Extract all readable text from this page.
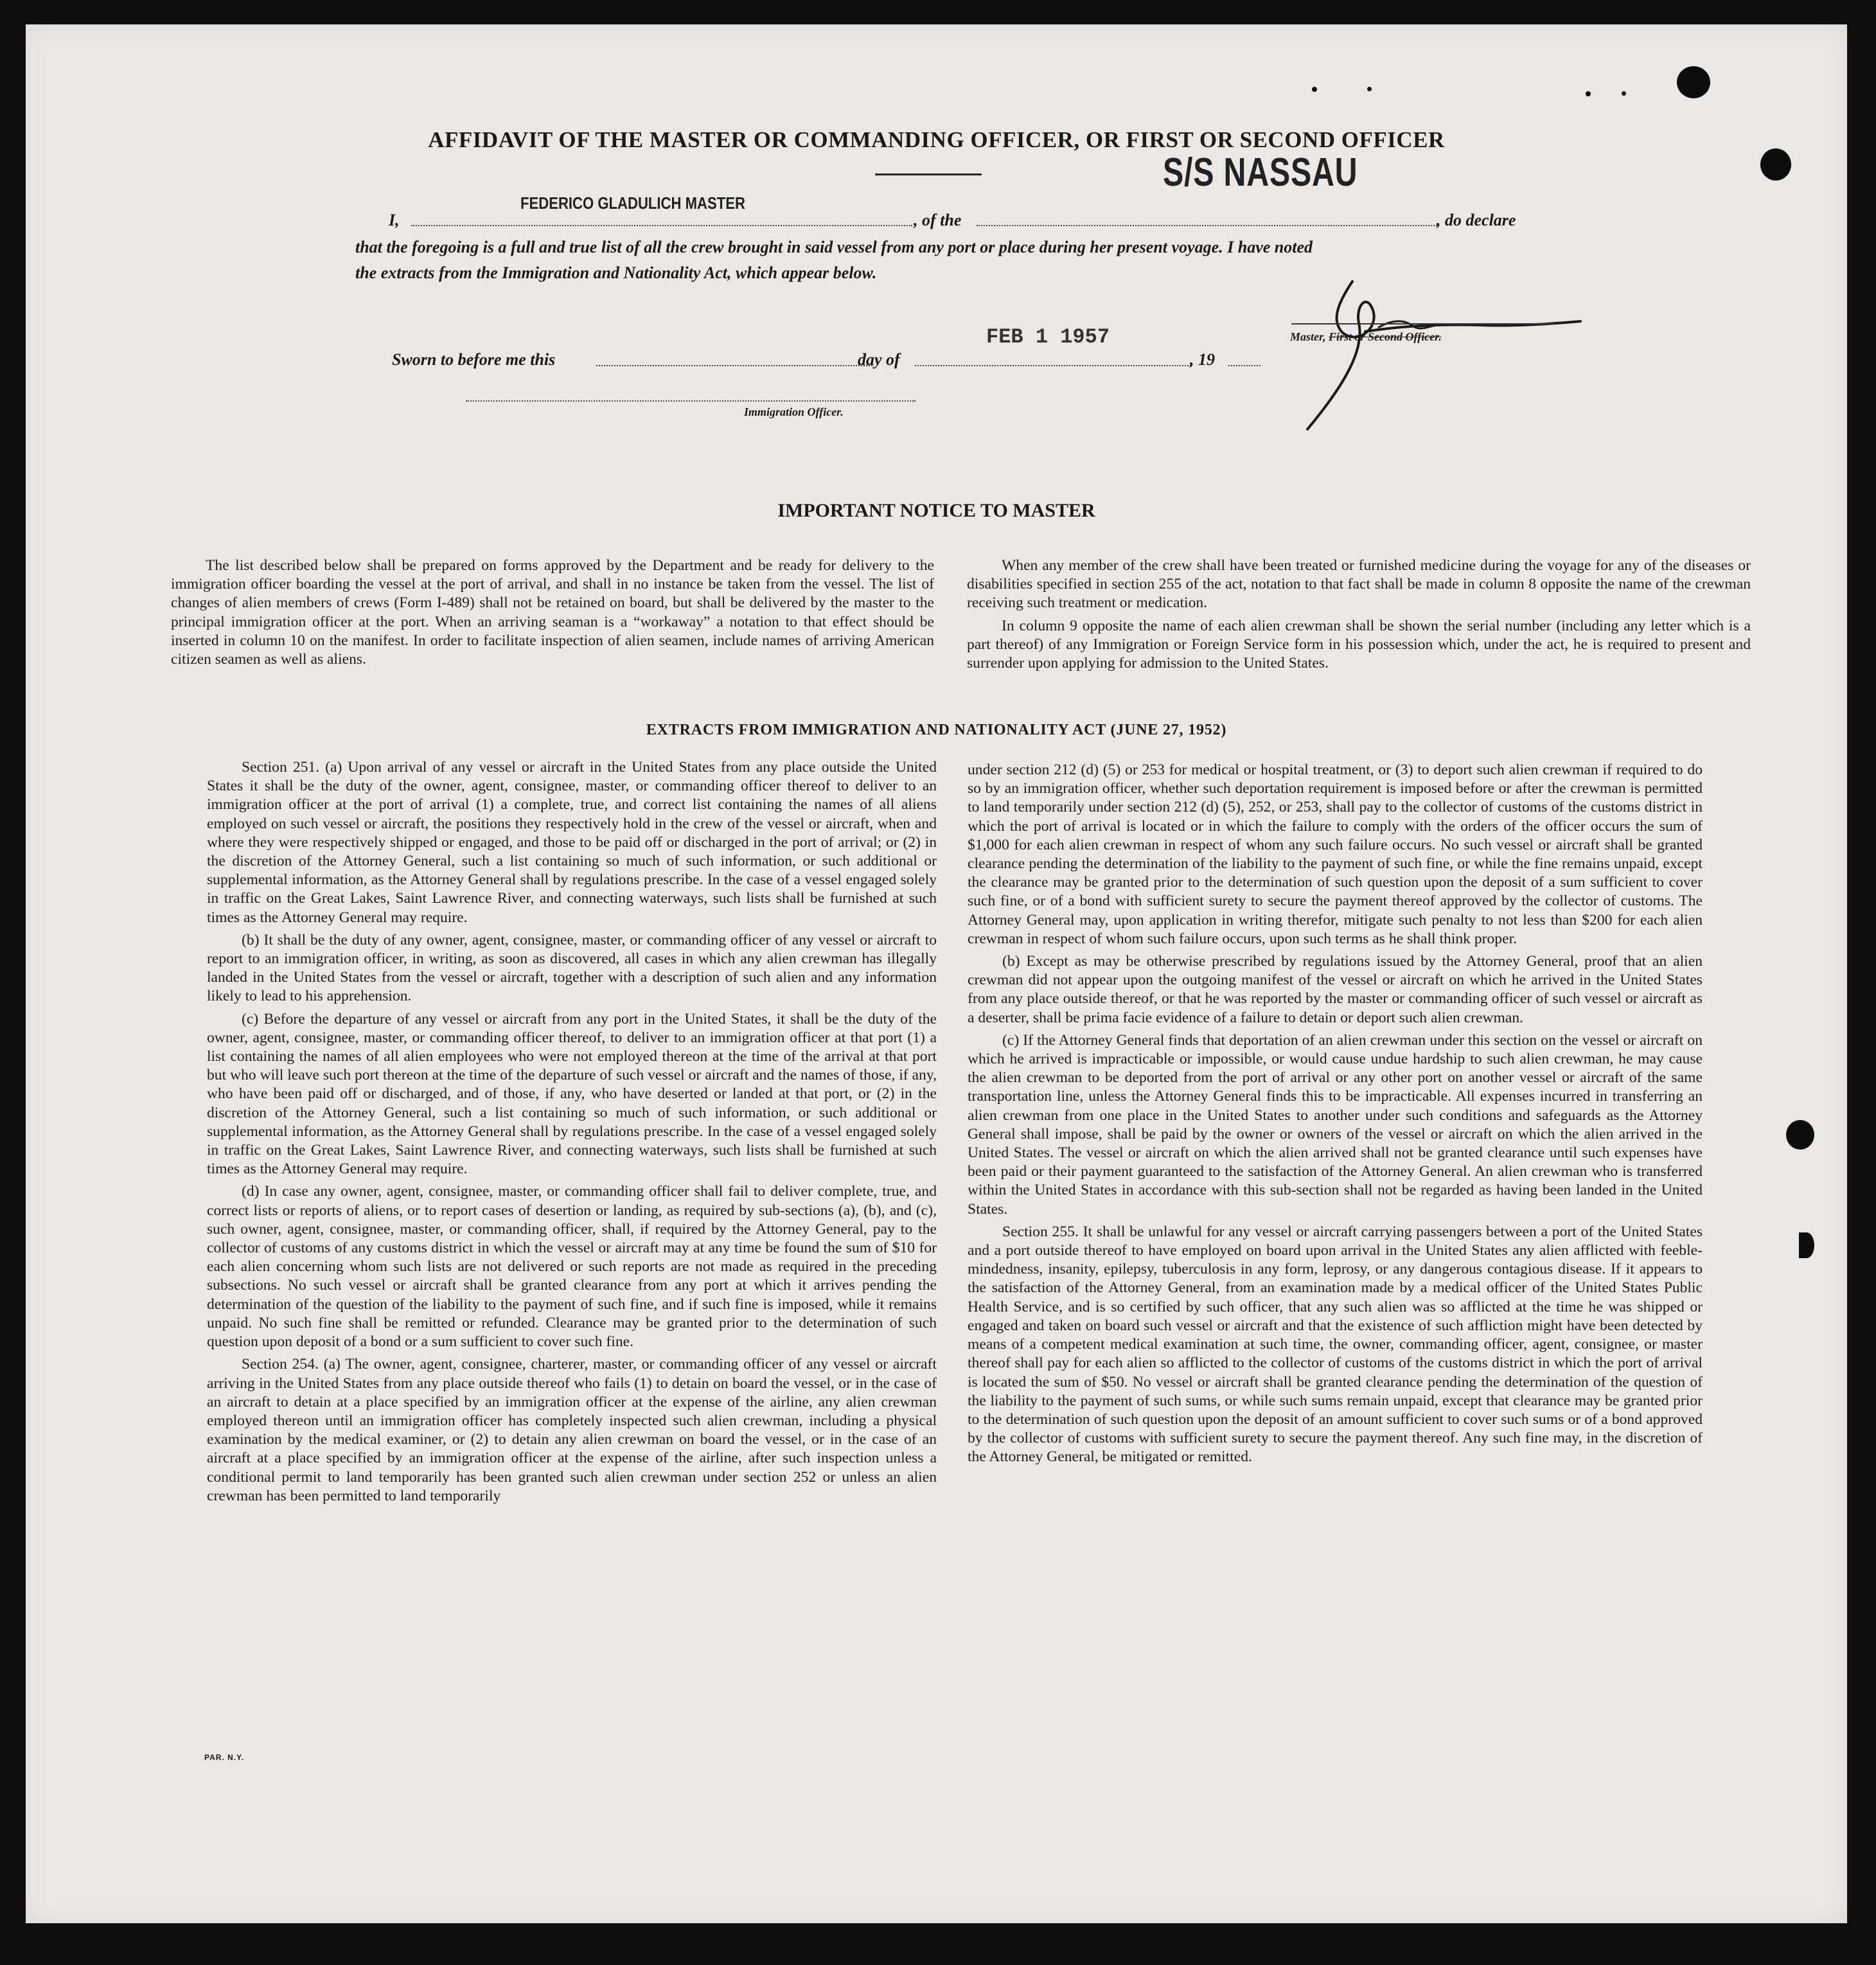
AFFIDAVIT OF THE MASTER OR COMMANDING OFFICER, OR FIRST OR SECOND OFFICER
S/S NASSAU
I,
FEDERICO GLADULICH MASTER
, of the	, do declare
that the foregoing is a full and true list of all the crew brought in said vessel from any port or place during her present voyage. I have noted
the extracts from the Immigration and Nationality Act, which appear below.
FEB 1 1957
Sworn to before me this	day of	, 19
Master, First or Second Officer.
Immigration Officer.
IMPORTANT NOTICE TO MASTER

The list described below shall be prepared on forms approved by the Department and be ready for delivery to the immigration officer boarding the vessel at the port of arrival, and shall in no instance be taken from the vessel. The list of changes of alien members of crews (Form I-489) shall not be retained on board, but shall be delivered by the master to the principal immigration officer at the port. When an arriving seaman is a “workaway” a notation to that effect should be inserted in column 10 on the manifest. In order to facilitate inspection of alien seamen, include names of arriving American citizen seamen as well as aliens.

When any member of the crew shall have been treated or furnished medicine during the voyage for any of the diseases or disabilities specified in section 255 of the act, notation to that fact shall be made in column 8 opposite the name of the crewman receiving such treatment or medication.

In column 9 opposite the name of each alien crewman shall be shown the serial number (including any letter which is a part thereof) of any Immigration or Foreign Service form in his possession which, under the act, he is required to present and surrender upon applying for admission to the United States.

EXTRACTS FROM IMMIGRATION AND NATIONALITY ACT (JUNE 27, 1952)

Section 251. (a) Upon arrival of any vessel or aircraft in the United States from any place outside the United States it shall be the duty of the owner, agent, consignee, master, or commanding officer thereof to deliver to an immigration officer at the port of arrival (1) a complete, true, and correct list containing the names of all aliens employed on such vessel or aircraft, the positions they respectively hold in the crew of the vessel or aircraft, when and where they were respectively shipped or engaged, and those to be paid off or discharged in the port of arrival; or (2) in the discretion of the Attorney General, such a list containing so much of such information, or such additional or supplemental information, as the Attorney General shall by regulations prescribe. In the case of a vessel engaged solely in traffic on the Great Lakes, Saint Lawrence River, and connecting waterways, such lists shall be furnished at such times as the Attorney General may require.

(b) It shall be the duty of any owner, agent, consignee, master, or commanding officer of any vessel or aircraft to report to an immigration officer, in writing, as soon as discovered, all cases in which any alien crewman has illegally landed in the United States from the vessel or aircraft, together with a description of such alien and any information likely to lead to his apprehension.

(c) Before the departure of any vessel or aircraft from any port in the United States, it shall be the duty of the owner, agent, consignee, master, or commanding officer thereof, to deliver to an immigration officer at that port (1) a list containing the names of all alien employees who were not employed thereon at the time of the arrival at that port but who will leave such port thereon at the time of the departure of such vessel or aircraft and the names of those, if any, who have been paid off or discharged, and of those, if any, who have deserted or landed at that port, or (2) in the discretion of the Attorney General, such a list containing so much of such information, or such additional or supplemental information, as the Attorney General shall by regulations prescribe. In the case of a vessel engaged solely in traffic on the Great Lakes, Saint Lawrence River, and connecting waterways, such lists shall be furnished at such times as the Attorney General may require.

(d) In case any owner, agent, consignee, master, or commanding officer shall fail to deliver complete, true, and correct lists or reports of aliens, or to report cases of desertion or landing, as required by sub-sections (a), (b), and (c), such owner, agent, consignee, master, or commanding officer, shall, if required by the Attorney General, pay to the collector of customs of any customs district in which the vessel or aircraft may at any time be found the sum of $10 for each alien concerning whom such lists are not delivered or such reports are not made as required in the preceding subsections. No such vessel or aircraft shall be granted clearance from any port at which it arrives pending the determination of the question of the liability to the payment of such fine, and if such fine is imposed, while it remains unpaid. No such fine shall be remitted or refunded. Clearance may be granted prior to the determination of such question upon deposit of a bond or a sum sufficient to cover such fine.

Section 254. (a) The owner, agent, consignee, charterer, master, or commanding officer of any vessel or aircraft arriving in the United States from any place outside thereof who fails (1) to detain on board the vessel, or in the case of an aircraft to detain at a place specified by an immigration officer at the expense of the airline, any alien crewman employed thereon until an immigration officer has completely inspected such alien crewman, including a physical examination by the medical examiner, or (2) to detain any alien crewman on board the vessel, or in the case of an aircraft at a place specified by an immigration officer at the expense of the airline, after such inspection unless a conditional permit to land temporarily has been granted such alien crewman under section 252 or unless an alien crewman has been permitted to land temporarily

under section 212 (d) (5) or 253 for medical or hospital treatment, or (3) to deport such alien crewman if required to do so by an immigration officer, whether such deportation requirement is imposed before or after the crewman is permitted to land temporarily under section 212 (d) (5), 252, or 253, shall pay to the collector of customs of the customs district in which the port of arrival is located or in which the failure to comply with the orders of the officer occurs the sum of $1,000 for each alien crewman in respect of whom any such failure occurs. No such vessel or aircraft shall be granted clearance pending the determination of the liability to the payment of such fine, or while the fine remains unpaid, except the clearance may be granted prior to the determination of such question upon the deposit of a sum sufficient to cover such fine, or of a bond with sufficient surety to secure the payment thereof approved by the collector of customs. The Attorney General may, upon application in writing therefor, mitigate such penalty to not less than $200 for each alien crewman in respect of whom such failure occurs, upon such terms as he shall think proper.

(b) Except as may be otherwise prescribed by regulations issued by the Attorney General, proof that an alien crewman did not appear upon the outgoing manifest of the vessel or aircraft on which he arrived in the United States from any place outside thereof, or that he was reported by the master or commanding officer of such vessel or aircraft as a deserter, shall be prima facie evidence of a failure to detain or deport such alien crewman.

(c) If the Attorney General finds that deportation of an alien crewman under this section on the vessel or aircraft on which he arrived is impracticable or impossible, or would cause undue hardship to such alien crewman, he may cause the alien crewman to be deported from the port of arrival or any other port on another vessel or aircraft of the same transportation line, unless the Attorney General finds this to be impracticable. All expenses incurred in transferring an alien crewman from one place in the United States to another under such conditions and safeguards as the Attorney General shall impose, shall be paid by the owner or owners of the vessel or aircraft on which the alien arrived in the United States. The vessel or aircraft on which the alien arrived shall not be granted clearance until such expenses have been paid or their payment guaranteed to the satisfaction of the Attorney General. An alien crewman who is transferred within the United States in accordance with this sub-section shall not be regarded as having been landed in the United States.

Section 255. It shall be unlawful for any vessel or aircraft carrying passengers between a port of the United States and a port outside thereof to have employed on board upon arrival in the United States any alien afflicted with feeble-mindedness, insanity, epilepsy, tuberculosis in any form, leprosy, or any dangerous contagious disease. If it appears to the satisfaction of the Attorney General, from an examination made by a medical officer of the United States Public Health Service, and is so certified by such officer, that any such alien was so afflicted at the time he was shipped or engaged and taken on board such vessel or aircraft and that the existence of such affliction might have been detected by means of a competent medical examination at such time, the owner, commanding officer, agent, consignee, or master thereof shall pay for each alien so afflicted to the collector of customs of the customs district in which the port of arrival is located the sum of $50. No vessel or aircraft shall be granted clearance pending the determination of the question of the liability to the payment of such sums, or while such sums remain unpaid, except that clearance may be granted prior to the determination of such question upon the deposit of an amount sufficient to cover such sums or of a bond approved by the collector of customs with sufficient surety to secure the payment thereof. Any such fine may, in the discretion of the Attorney General, be mitigated or remitted.

PAR. N.Y.
